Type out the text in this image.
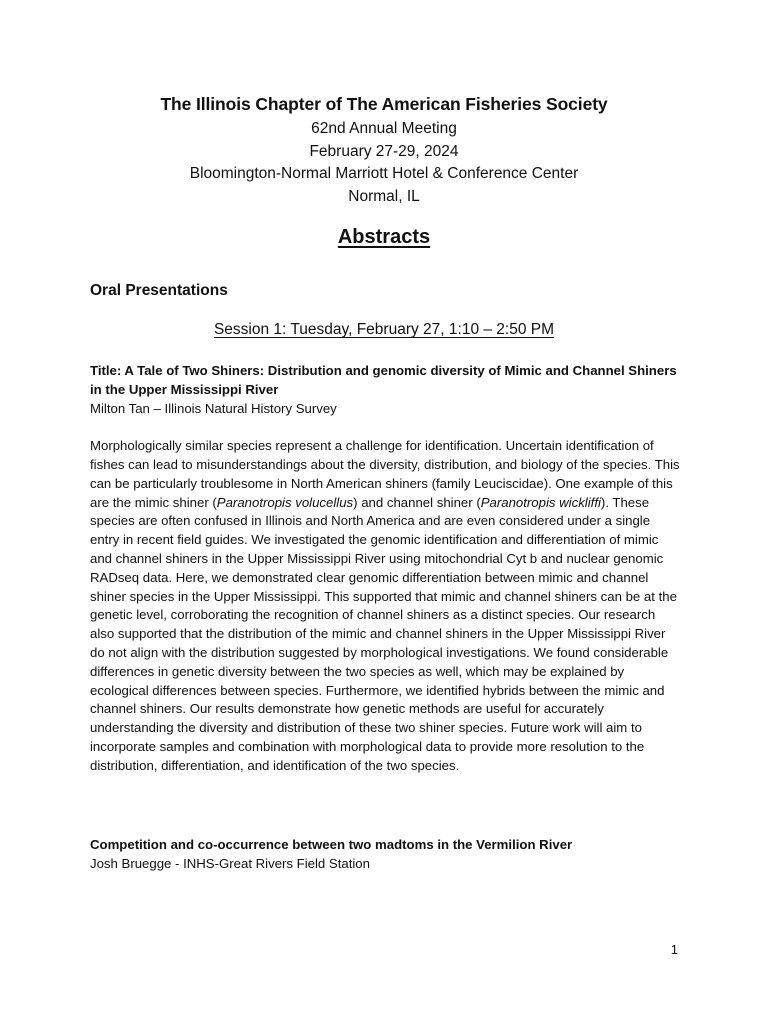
The Illinois Chapter of The American Fisheries Society

62nd Annual Meeting

February 27-29, 2024

Bloomington-Normal Marriott Hotel & Conference Center

Normal, IL

Abstracts
Oral Presentations
Session 1: Tuesday, February 27, 1:10 – 2:50 PM

Title: A Tale of Two Shiners: Distribution and genomic diversity of Mimic and Channel Shiners in the Upper Mississippi River

Milton Tan – Illinois Natural History Survey

Morphologically similar species represent a challenge for identification. Uncertain identification of fishes can lead to misunderstandings about the diversity, distribution, and biology of the species. This can be particularly troublesome in North American shiners (family Leuciscidae). One example of this are the mimic shiner (Paranotropis volucellus) and channel shiner (Paranotropis wickliffi). These species are often confused in Illinois and North America and are even considered under a single entry in recent field guides. We investigated the genomic identification and differentiation of mimic and channel shiners in the Upper Mississippi River using mitochondrial Cyt b and nuclear genomic RADseq data. Here, we demonstrated clear genomic differentiation between mimic and channel shiner species in the Upper Mississippi. This supported that mimic and channel shiners can be at the genetic level, corroborating the recognition of channel shiners as a distinct species. Our research also supported that the distribution of the mimic and channel shiners in the Upper Mississippi River do not align with the distribution suggested by morphological investigations. We found considerable differences in genetic diversity between the two species as well, which may be explained by ecological differences between species. Furthermore, we identified hybrids between the mimic and channel shiners. Our results demonstrate how genetic methods are useful for accurately understanding the diversity and distribution of these two shiner species. Future work will aim to incorporate samples and combination with morphological data to provide more resolution to the distribution, differentiation, and identification of the two species.

Competition and co-occurrence between two madtoms in the Vermilion River

Josh Bruegge - INHS-Great Rivers Field Station

1
